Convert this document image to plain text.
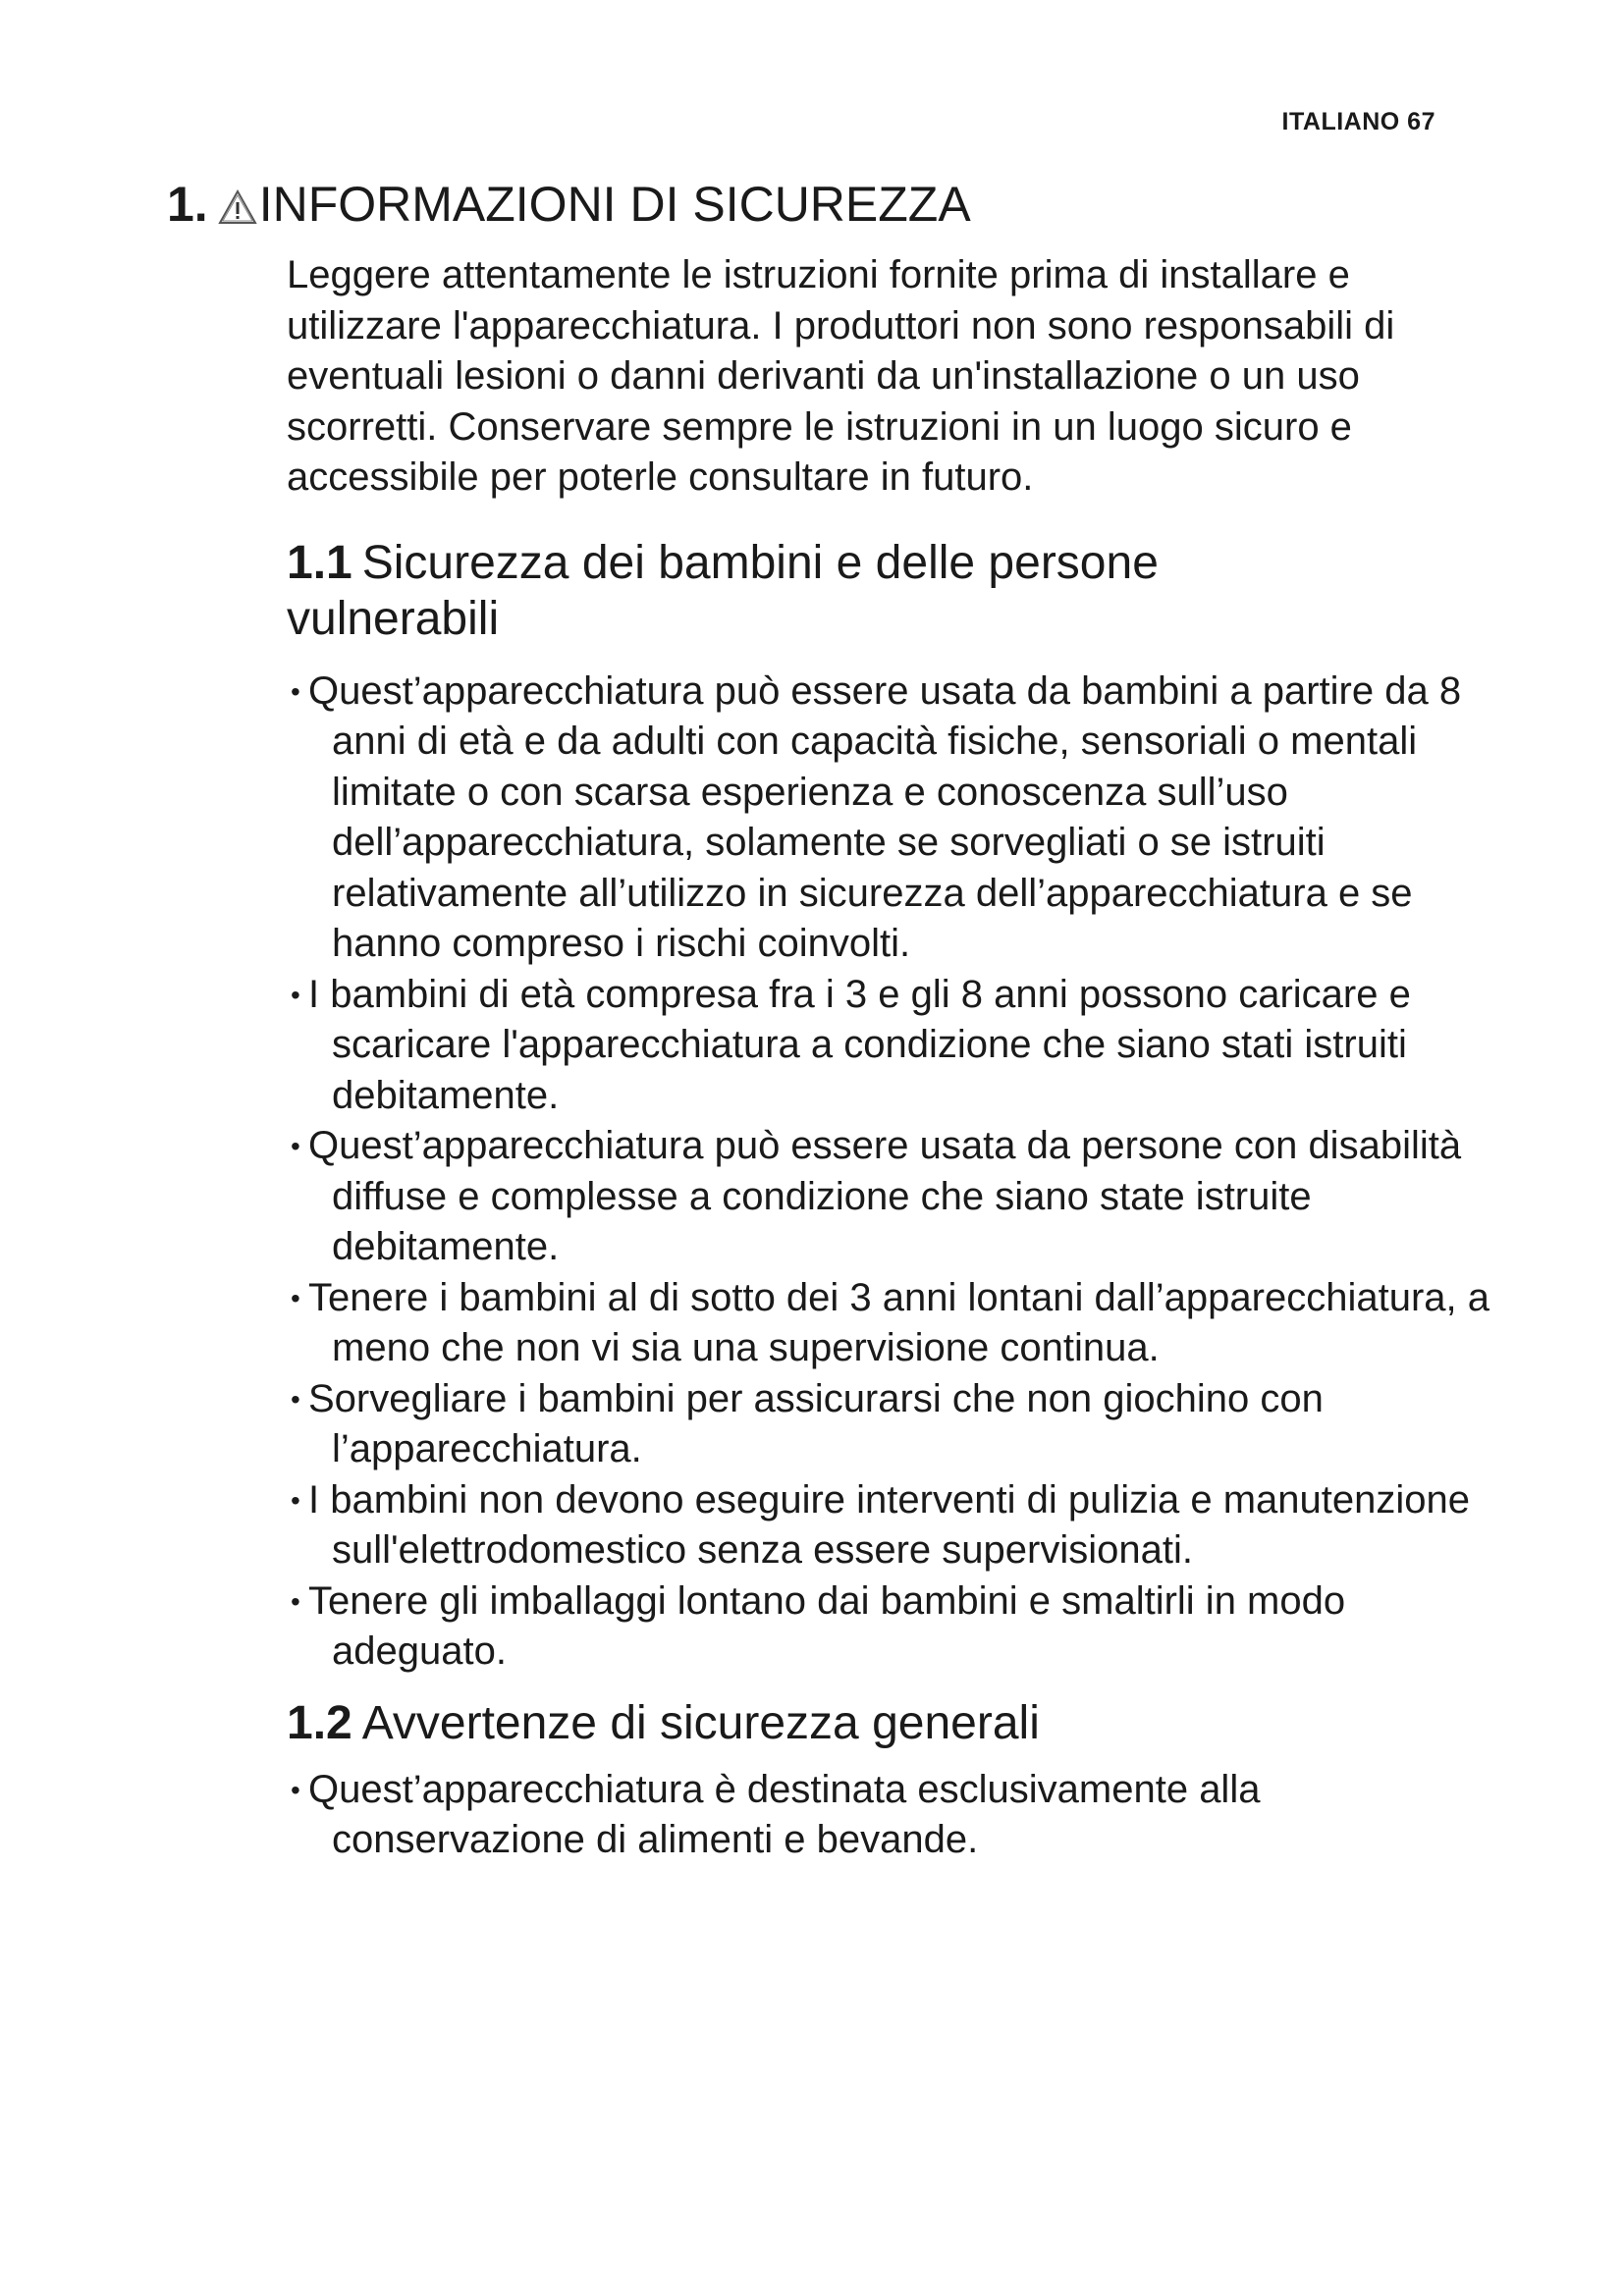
ITALIANO 67
1. INFORMAZIONI DI SICUREZZA

Leggere attentamente le istruzioni fornite prima di installare e utilizzare l'apparecchiatura. I produttori non sono responsabili di eventuali lesioni o danni derivanti da un'installazione o un uso scorretti. Conservare sempre le istruzioni in un luogo sicuro e accessibile per poterle consultare in futuro.

1.1 Sicurezza dei bambini e delle persone vulnerabili
• Quest’apparecchiatura può essere usata da bambini a partire da 8 anni di età e da adulti con capacità fisiche, sensoriali o mentali limitate o con scarsa esperienza e conoscenza sull’uso dell’apparecchiatura, solamente se sorvegliati o se istruiti relativamente all’utilizzo in sicurezza dell’apparecchiatura e se hanno compreso i rischi coinvolti.
• I bambini di età compresa fra i 3 e gli 8 anni possono caricare e scaricare l'apparecchiatura a condizione che siano stati istruiti debitamente.
• Quest’apparecchiatura può essere usata da persone con disabilità diffuse e complesse a condizione che siano state istruite debitamente.
• Tenere i bambini al di sotto dei 3 anni lontani dall’apparecchiatura, a meno che non vi sia una supervisione continua.
• Sorvegliare i bambini per assicurarsi che non giochino con l’apparecchiatura.
• I bambini non devono eseguire interventi di pulizia e manutenzione sull'elettrodomestico senza essere supervisionati.
• Tenere gli imballaggi lontano dai bambini e smaltirli in modo adeguato.
1.2 Avvertenze di sicurezza generali
• Quest’apparecchiatura è destinata esclusivamente alla conservazione di alimenti e bevande.
